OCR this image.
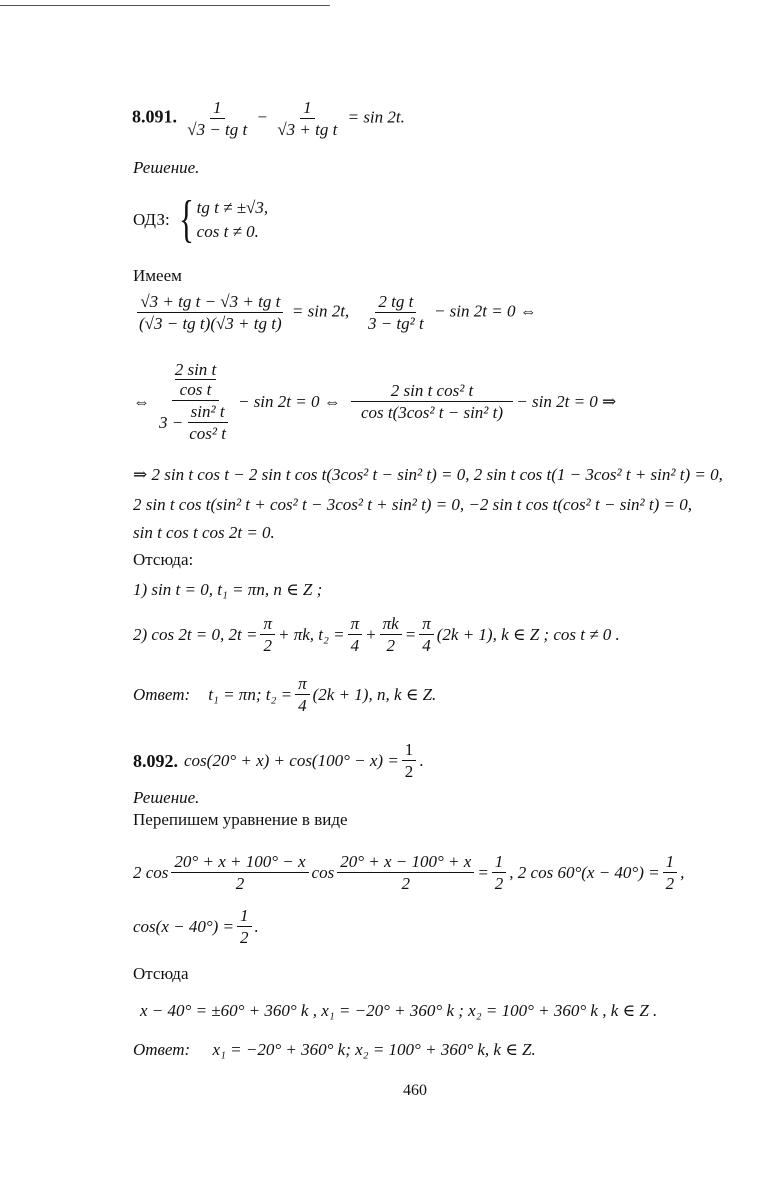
8.091. $\frac{1}{\text{√3 − tg t}} - \frac{1}{\text{√3 + tg t}} = \sin 2t$.
Решение.
ОДЗ: { tg t ≠ ±√3,
cos t ≠ 0.
Имеем
$\frac{\text{√3 + tg t − √3 + tg t}}{\text{(√3 − tg t)(√3 + tg t)}} = \sin 2t$, $\frac{\text{2 tg t}}{\text{3 − tg² t}} - \sin 2t = 0$ ⇔
⇔ 2 sin t
cos t
$3 - \frac{\text{sin² t}}{\text{cos² t}} - \sin 2t = 0$ ⇔ $\frac{\text{2 sin t cos² t}}{\text{cos t(3cos² t − sin² t)}} - \sin 2t = 0$ ⇒
⇒ 2 sin t cos t − 2 sin t cos t(3cos² t − sin² t) = 0, 2 sin t cos t(1 − 3cos² t + sin² t) = 0,
2 sin t cos t(sin² t + cos² t − 3cos² t + sin² t) = 0, −2 sin t cos t(cos² t − sin² t) = 0,
sin t cos t cos 2t = 0.
Отсюда:
1) sin t = 0, t₁ = πn, n ∈ Z ;
2) cos 2t = 0, $2t = \frac{\pi}{2} + \pi k$, $t_2 = \frac{\pi}{4} + \frac{\pi k}{2} = \frac{\pi}{4} (2k + 1)$, k ∈ Z ; cos t ≠ 0 .
Ответ: t₁ = πn; $t_2 = \frac{\pi}{4} (2k + 1)$, n, k ∈ Z.
8.092. $\cos(20^\circ + x) + \cos(100^\circ - x) = \frac{1}{2}$ .
Решение.
Перепишем уравнение в виде
2 $\cos \frac{20^\circ + x + 100^\circ - x}{2}$ $\cos \frac{20^\circ + x - 100^\circ + x}{2} = \frac{1}{2}$ , 2 $\cos 60^\circ(x - 40^\circ) = \frac{1}{2}$ ,
$\cos(x - 40^\circ) = \frac{1}{2}$ .
Отсюда
x − 40° = ±60° + 360° k , x₁ = −20° + 360° k ; x₂ = 100° + 360° k , k ∈ Z .
Ответ: x₁ = −20° + 360° k; x₂ = 100° + 360° k, k ∈ Z.
460
